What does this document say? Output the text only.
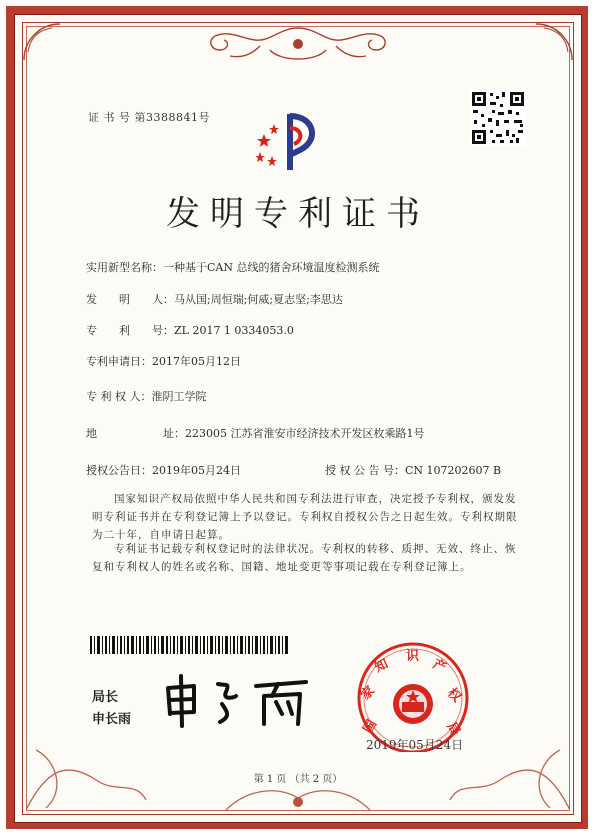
证 书 号 第3388841号
发明专利证书
实用新型名称：一种基于CAN 总线的猪舍环境温度检测系统
发　　明　　人：马从国;周恒瑞;何威;夏志坚;李思达
专　　利　　号：ZL 2017 1 0334053.0
专利申请日：2017年05月12日
专 利 权 人：淮阴工学院
地　　　　　　址：223005 江苏省淮安市经济技术开发区枚乘路1号
授权公告日：2019年05月24日	授 权 公 告 号：CN 107202607 B
国家知识产权局依照中华人民共和国专利法进行审查，决定授予专利权，颁发发明专利证书并在专利登记簿上予以登记。专利权自授权公告之日起生效。专利权期限为二十年，自申请日起算。
专利证书记载专利权登记时的法律状况。专利权的转移、质押、无效、终止、恢复和专利权人的姓名或名称、国籍、地址变更等事项记载在专利登记簿上。
局长
申长雨	国
家
知
识
产
权
局
2019年05月24日
第 1 页 （共 2 页）
